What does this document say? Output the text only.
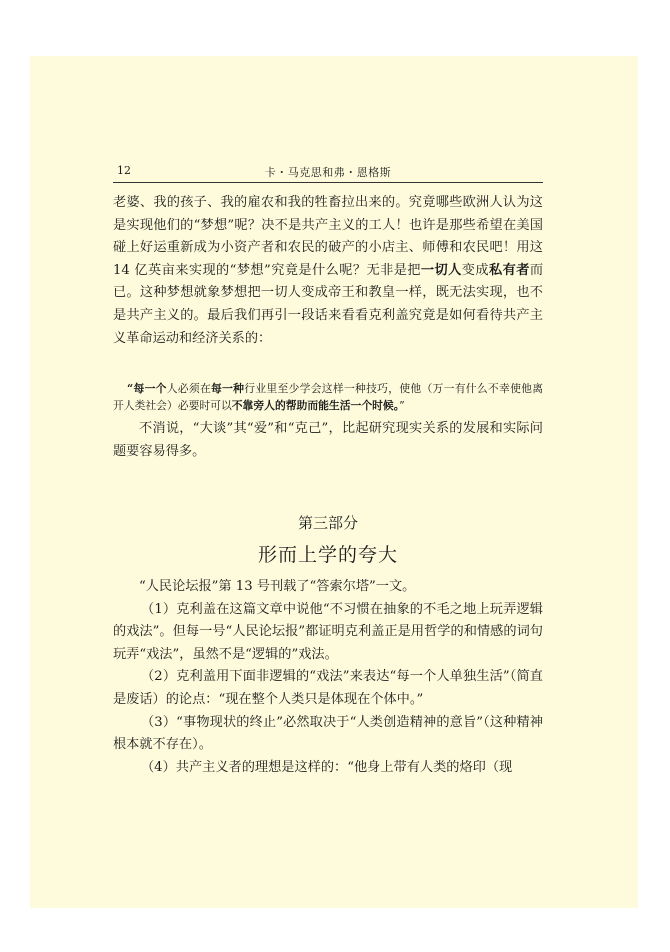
12	卡・马克思和弗・恩格斯

老婆、我的孩子、我的雇农和我的牲畜拉出来的。究竟哪些欧洲人认为这是实现他们的“梦想”呢？决不是共产主义的工人！也许是那些希望在美国碰上好运重新成为小资产者和农民的破产的小店主、师傅和农民吧！用这 14 亿英亩来实现的“梦想”究竟是什么呢？无非是把一切人变成私有者而已。这种梦想就象梦想把一切人变成帝王和教皇一样，既无法实现，也不是共产主义的。最后我们再引一段话来看看克利盖究竟是如何看待共产主义革命运动和经济关系的：

“每一个人必须在每一种行业里至少学会这样一种技巧，使他（万一有什么不幸使他离开人类社会）必要时可以不靠旁人的帮助而能生活一个时候。”

不消说，“大谈”其“爱”和“克己”，比起研究现实关系的发展和实际问题要容易得多。

第三部分
形而上学的夸大

“人民论坛报”第 13 号刊载了“答索尔塔”一文。

（1）克利盖在这篇文章中说他“不习惯在抽象的不毛之地上玩弄逻辑的戏法”。但每一号“人民论坛报”都证明克利盖正是用哲学的和情感的词句玩弄“戏法”，虽然不是“逻辑的”戏法。

（2）克利盖用下面非逻辑的“戏法”来表达“每一个人单独生活”（简直是废话）的论点：“现在整个人类只是体现在个体中。”

（3）“事物现状的终止”必然取决于“人类创造精神的意旨”（这种精神根本就不存在）。

（4）共产主义者的理想是这样的：“他身上带有人类的烙印（现
